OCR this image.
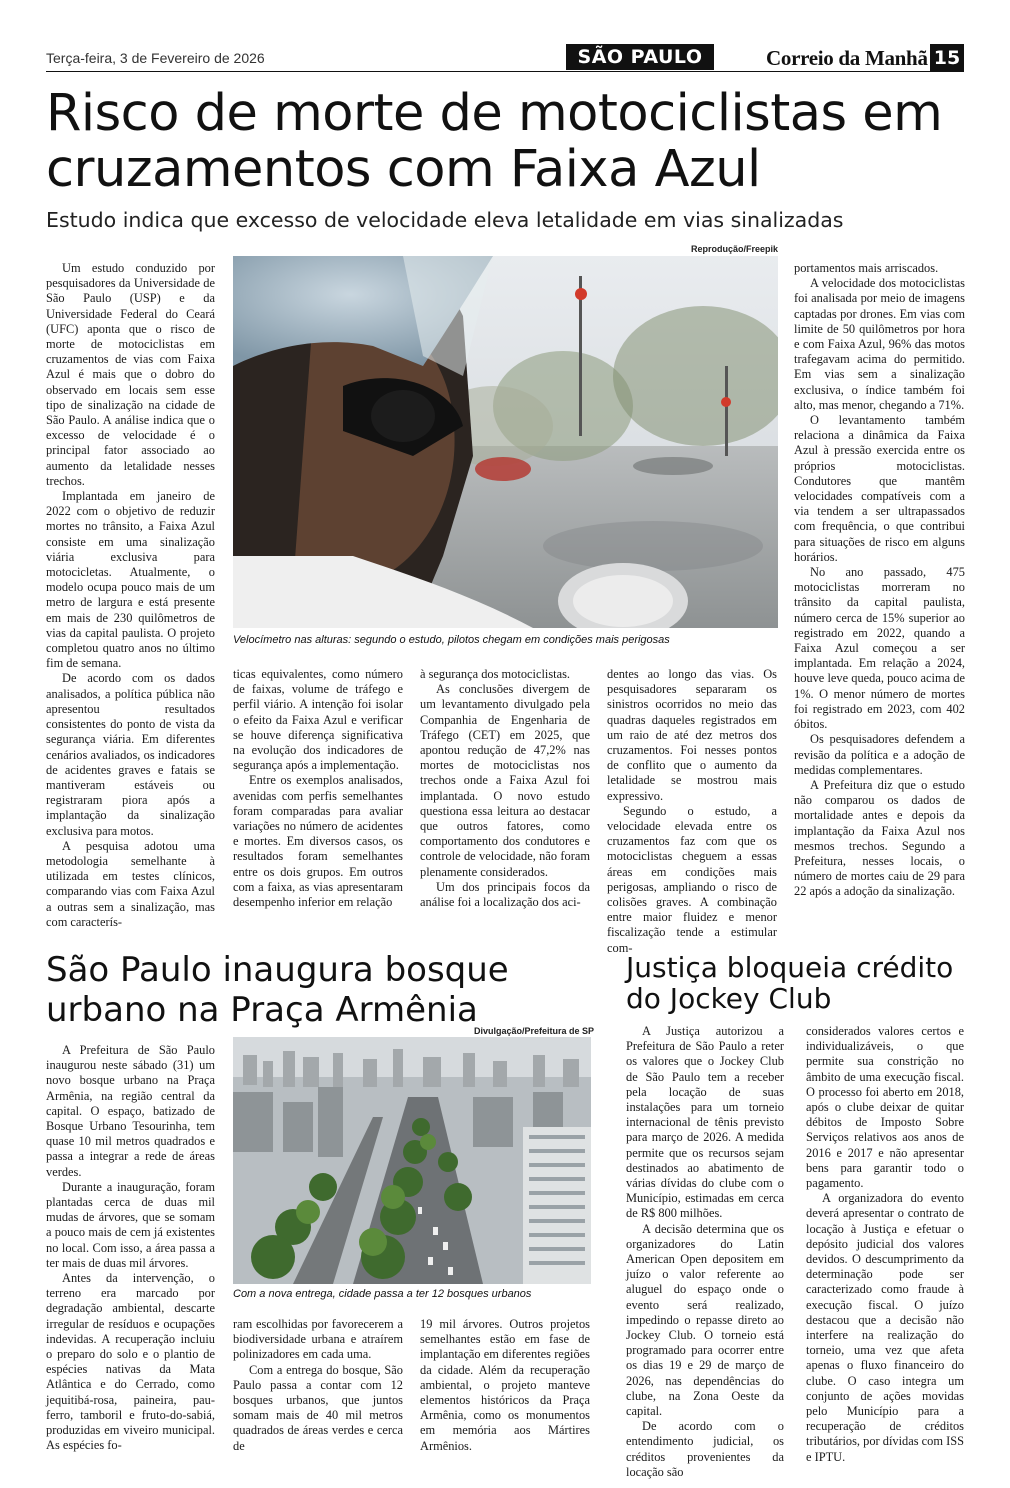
Terça-feira, 3 de Fevereiro de 2026	SÃO PAULO	Correio da Manhã 15
Risco de morte de motociclistas em cruzamentos com Faixa Azul

Estudo indica que excesso de velocidade eleva letalidade em vias sinalizadas

Reprodução/Freepik
Velocímetro nas alturas: segundo o estudo, pilotos chegam em condições mais perigosas

Um estudo conduzido por pesquisadores da Universidade de São Paulo (USP) e da Universidade Federal do Ceará (UFC) aponta que o risco de morte de motociclistas em cruzamentos de vias com Faixa Azul é mais que o dobro do observado em locais sem esse tipo de sinalização na cidade de São Paulo. A análise indica que o excesso de velocidade é o principal fator associado ao aumento da letalidade nesses trechos.

Implantada em janeiro de 2022 com o objetivo de reduzir mortes no trânsito, a Faixa Azul consiste em uma sinalização viária exclusiva para motocicletas. Atualmente, o modelo ocupa pouco mais de um metro de largura e está presente em mais de 230 quilômetros de vias da capital paulista. O projeto completou quatro anos no último fim de semana.

De acordo com os dados analisados, a política pública não apresentou resultados consistentes do ponto de vista da segurança viária. Em diferentes cenários avaliados, os indicadores de acidentes graves e fatais se mantiveram estáveis ou registraram piora após a implantação da sinalização exclusiva para motos.

A pesquisa adotou uma metodologia semelhante à utilizada em testes clínicos, comparando vias com Faixa Azul a outras sem a sinalização, mas com caracterís-

ticas equivalentes, como número de faixas, volume de tráfego e perfil viário. A intenção foi isolar o efeito da Faixa Azul e verificar se houve diferença significativa na evolução dos indicadores de segurança após a implementação.

Entre os exemplos analisados, avenidas com perfis semelhantes foram comparadas para avaliar variações no número de acidentes e mortes. Em diversos casos, os resultados foram semelhantes entre os dois grupos. Em outros com a faixa, as vias apresentaram desempenho inferior em relação

à segurança dos motociclistas.

As conclusões divergem de um levantamento divulgado pela Companhia de Engenharia de Tráfego (CET) em 2025, que apontou redução de 47,2% nas mortes de motociclistas nos trechos onde a Faixa Azul foi implantada. O novo estudo questiona essa leitura ao destacar que outros fatores, como comportamento dos condutores e controle de velocidade, não foram plenamente considerados.

Um dos principais focos da análise foi a localização dos aci-

dentes ao longo das vias. Os pesquisadores separaram os sinistros ocorridos no meio das quadras daqueles registrados em um raio de até dez metros dos cruzamentos. Foi nesses pontos de conflito que o aumento da letalidade se mostrou mais expressivo.

Segundo o estudo, a velocidade elevada entre os cruzamentos faz com que os motociclistas cheguem a essas áreas em condições mais perigosas, ampliando o risco de colisões graves. A combinação entre maior fluidez e menor fiscalização tende a estimular com-

portamentos mais arriscados.

A velocidade dos motociclistas foi analisada por meio de imagens captadas por drones. Em vias com limite de 50 quilômetros por hora e com Faixa Azul, 96% das motos trafegavam acima do permitido. Em vias sem a sinalização exclusiva, o índice também foi alto, mas menor, chegando a 71%.

O levantamento também relaciona a dinâmica da Faixa Azul à pressão exercida entre os próprios motociclistas. Condutores que mantêm velocidades compatíveis com a via tendem a ser ultrapassados com frequência, o que contribui para situações de risco em alguns horários.

No ano passado, 475 motociclistas morreram no trânsito da capital paulista, número cerca de 15% superior ao registrado em 2022, quando a Faixa Azul começou a ser implantada. Em relação a 2024, houve leve queda, pouco acima de 1%. O menor número de mortes foi registrado em 2023, com 402 óbitos.

Os pesquisadores defendem a revisão da política e a adoção de medidas complementares.

A Prefeitura diz que o estudo não comparou os dados de mortalidade antes e depois da implantação da Faixa Azul nos mesmos trechos. Segundo a Prefeitura, nesses locais, o número de mortes caiu de 29 para 22 após a adoção da sinalização.

São Paulo inaugura bosque urbano na Praça Armênia
Divulgação/Prefeitura de SP
Com a nova entrega, cidade passa a ter 12 bosques urbanos

A Prefeitura de São Paulo inaugurou neste sábado (31) um novo bosque urbano na Praça Armênia, na região central da capital. O espaço, batizado de Bosque Urbano Tesourinha, tem quase 10 mil metros quadrados e passa a integrar a rede de áreas verdes.

Durante a inauguração, foram plantadas cerca de duas mil mudas de árvores, que se somam a pouco mais de cem já existentes no local. Com isso, a área passa a ter mais de duas mil árvores.

Antes da intervenção, o terreno era marcado por degradação ambiental, descarte irregular de resíduos e ocupações indevidas. A recuperação incluiu o preparo do solo e o plantio de espécies nativas da Mata Atlântica e do Cerrado, como jequitibá-rosa, paineira, pau-ferro, tamboril e fruto-do-sabiá, produzidas em viveiro municipal. As espécies fo-

ram escolhidas por favorecerem a biodiversidade urbana e atraírem polinizadores em cada uma.

Com a entrega do bosque, São Paulo passa a contar com 12 bosques urbanos, que juntos somam mais de 40 mil metros quadrados de áreas verdes e cerca de

19 mil árvores. Outros projetos semelhantes estão em fase de implantação em diferentes regiões da cidade. Além da recuperação ambiental, o projeto manteve elementos históricos da Praça Armênia, como os monumentos em memória aos Mártires Armênios.

Justiça bloqueia crédito do Jockey Club

A Justiça autorizou a Prefeitura de São Paulo a reter os valores que o Jockey Club de São Paulo tem a receber pela locação de suas instalações para um torneio internacional de tênis previsto para março de 2026. A medida permite que os recursos sejam destinados ao abatimento de várias dívidas do clube com o Município, estimadas em cerca de R$ 800 milhões.

A decisão determina que os organizadores do Latin American Open depositem em juízo o valor referente ao aluguel do espaço onde o evento será realizado, impedindo o repasse direto ao Jockey Club. O torneio está programado para ocorrer entre os dias 19 e 29 de março de 2026, nas dependências do clube, na Zona Oeste da capital.

De acordo com o entendimento judicial, os créditos provenientes da locação são

considerados valores certos e individualizáveis, o que permite sua constrição no âmbito de uma execução fiscal. O processo foi aberto em 2018, após o clube deixar de quitar débitos de Imposto Sobre Serviços relativos aos anos de 2016 e 2017 e não apresentar bens para garantir todo o pagamento.

A organizadora do evento deverá apresentar o contrato de locação à Justiça e efetuar o depósito judicial dos valores devidos. O descumprimento da determinação pode ser caracterizado como fraude à execução fiscal. O juízo destacou que a decisão não interfere na realização do torneio, uma vez que afeta apenas o fluxo financeiro do clube. O caso integra um conjunto de ações movidas pelo Município para a recuperação de créditos tributários, por dívidas com ISS e IPTU.
